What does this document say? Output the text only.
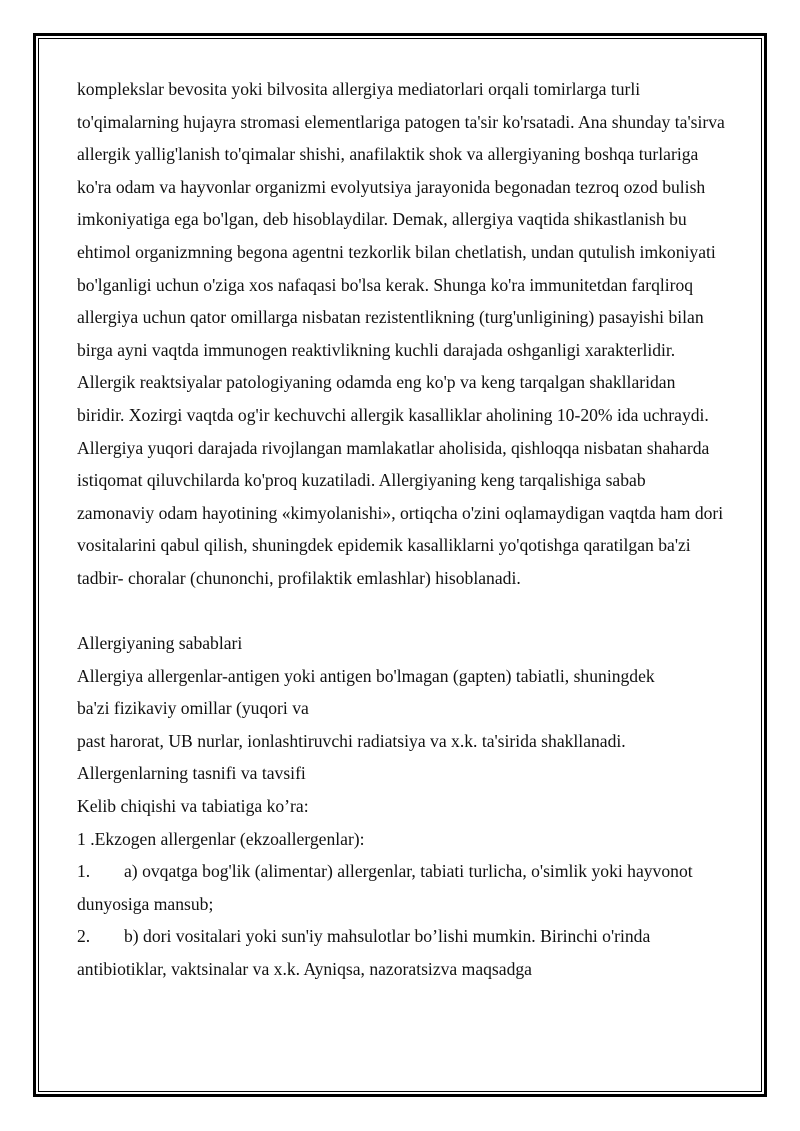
komplekslar bevosita yoki bilvosita allergiya mediatorlari orqali tomirlarga turli to'qimalarning hujayra stromasi elementlariga patogen ta'sir ko'rsatadi. Ana shunday ta'sirva allergik yallig'lanish to'qimalar shishi, anafilaktik shok va allergiyaning boshqa turlariga ko'ra odam va hayvonlar organizmi evolyutsiya jarayonida begonadan tezroq ozod bulish imkoniyatiga ega bo'lgan, deb hisoblaydilar. Demak, allergiya vaqtida shikastlanish bu ehtimol organizmning begona agentni tezkorlik bilan chetlatish, undan qutulish imkoniyati bo'lganligi uchun o'ziga xos nafaqasi bo'lsa kerak. Shunga ko'ra immunitetdan farqliroq allergiya uchun qator omillarga nisbatan rezistentlikning (turg'unligining) pasayishi bilan birga ayni vaqtda immunogen reaktivlikning kuchli darajada oshganligi xarakterlidir.

Allergik reaktsiyalar patologiyaning odamda eng ko'p va keng tarqalgan shakllaridan biridir. Xozirgi vaqtda og'ir kechuvchi allergik kasalliklar aholining 10-20% ida uchraydi. Allergiya yuqori darajada rivojlangan mamlakatlar aholisida, qishloqqa nisbatan shaharda istiqomat qiluvchilarda ko'proq kuzatiladi. Allergiyaning keng tarqalishiga sabab zamonaviy odam hayotining «kimyolanishi», ortiqcha o'zini oqlamaydigan vaqtda ham dori vositalarini qabul qilish, shuningdek epidemik kasalliklarni yo'qotishga qaratilgan ba'zi tadbir- choralar (chunonchi, profilaktik emlashlar) hisoblanadi.

Allergiyaning sabablari
Allergiya allergenlar-antigen yoki antigen bo'lmagan (gapten) tabiatli, shuningdek
ba'zi fizikaviy omillar (yuqori va
past harorat, UB nurlar, ionlashtiruvchi radiatsiya va x.k. ta'sirida shakllanadi.
Allergenlarning tasnifi va tavsifi
Kelib chiqishi va tabiatiga ko’ra:
1 .Ekzogen allergenlar (ekzoallergenlar):

1. a) ovqatga bog'lik (alimentar) allergenlar, tabiati turlicha, o'simlik yoki hayvonot dunyosiga mansub;

2. b) dori vositalari yoki sun'iy mahsulotlar bo’lishi mumkin. Birinchi o'rinda antibiotiklar, vaktsinalar va x.k. Ayniqsa, nazoratsizva maqsadga
